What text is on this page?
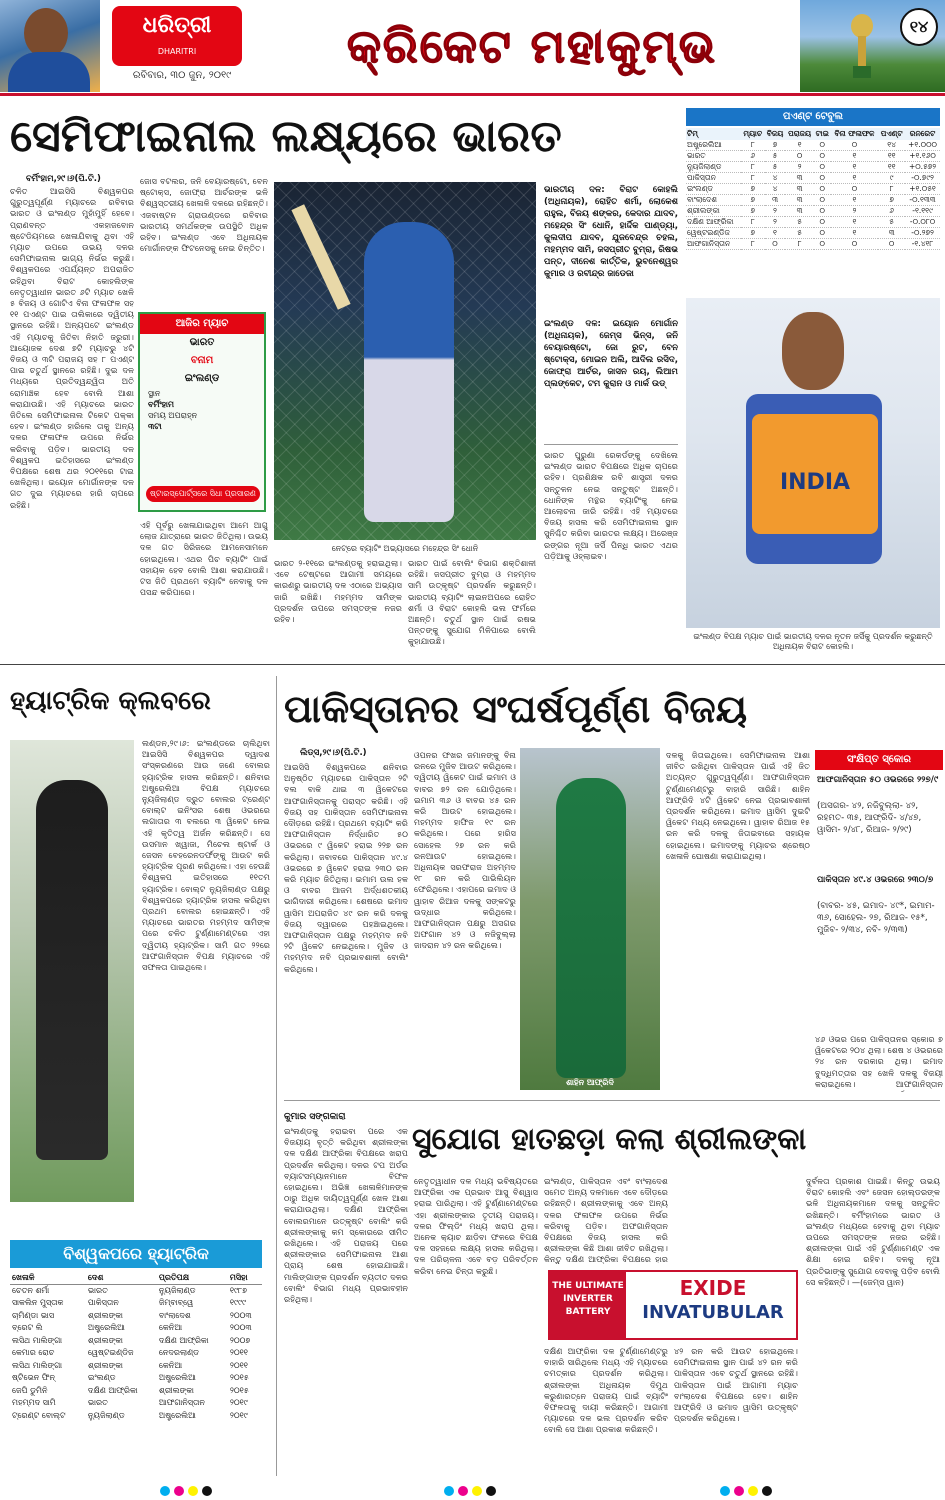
ଧରିତ୍ରୀ
DHARITRI
ରବିବାର, ୩୦ ଜୁନ, ୨୦୧୯
କ୍ରିକେଟ ମହାକୁମ୍ଭ	୧୪
ସେମିଫାଇନାଲ ଲକ୍ଷ୍ୟରେ ଭାରତ
ବର୍ମିଂହାମ,୨୯।୬(ପି.ଟି.)
ଚଳିତ ଆଇସିସି ବିଶ୍ୱକପର ଗୁରୁତ୍ୱପୂର୍ଣ୍ଣ ମ୍ୟାଚରେ ରବିବାର ଭାରତ ଓ ଇଂଲଣ୍ଡ ମୁହାଁମୁହିଁ ହେବେ। ପ୍ରାଣବନ୍ତ ଏକହାଜବୋନ ଷ୍ଟେଡିୟମରେ ଖେଳାଯିବାକୁ ଥିବା ଏହି ମ୍ୟାଚ ଉପରେ ଉଭୟ ଦଳର ସେମିଫାଇନାଲ ଭାଗ୍ୟ ନିର୍ଭର କରୁଛି। ବିଶ୍ୱକପରେ ଏପର୍ଯ୍ୟନ୍ତ ଅପରାଜିତ ରହିଥିବା ବିରାଟ କୋହଲିଙ୍କ ନେତୃତ୍ୱାଧୀନ ଭାରତ ୬ଟି ମ୍ୟାଚ ଖେଳି ୫ ବିଜୟ ଓ ଗୋଟିଏ ବିନା ଫଳାଫଳ ସହ ୧୧ ପଏଣ୍ଟ ପାଇ ତାଲିକାରେ ଦ୍ୱିତୀୟ ସ୍ଥାନରେ ରହିଛି। ଅନ୍ୟପଟେ ଇଂଲଣ୍ଡ ଏହି ମ୍ୟାଚକୁ ଜିତିବା ନିହାତି ଜରୁରୀ। ଆୟୋଜକ ଦେଶ ୭ଟି ମ୍ୟାଚରୁ ୪ଟି ବିଜୟ ଓ ୩ଟି ପରାଜୟ ସହ ୮ ପଏଣ୍ଟ ପାଇ ଚତୁର୍ଥ ସ୍ଥାନରେ ରହିଛି। ଦୁଇ ଦଳ ମଧ୍ୟରେ ପ୍ରତିଦ୍ୱନ୍ଦ୍ୱିତା ଅତି ରୋମାଞ୍ଚକ ହେବ ବୋଲି ଆଶା କରାଯାଉଛି। ଏହି ମ୍ୟାଚରେ ଭାରତ ଜିତିଲେ ସେମିଫାଇନାଲ ଟିକେଟ ପକ୍କା ହେବ। ଇଂଲଣ୍ଡ ହାରିଲେ ତାକୁ ଅନ୍ୟ ଦଳର ଫଳାଫଳ ଉପରେ ନିର୍ଭର କରିବାକୁ ପଡ଼ିବ। ଭାରତୀୟ ଦଳ ବିଶ୍ୱକପ ଇତିହାସରେ ଇଂଲଣ୍ଡ ବିପକ୍ଷରେ ଶେଷ ଥର ୨୦୧୧ରେ ଟାଇ ଖେଳିଥିଲା। ଇୟୋନ ମୋର୍ଗାନଙ୍କ ଦଳ ଗତ ଦୁଇ ମ୍ୟାଚରେ ହାରି ଚାପରେ ରହିଛି।
ଜୋସ ବଟଲର, ଜନି ବେୟାରଷ୍ଟୋ, ବେନ ଷ୍ଟୋକ୍ସ, ଜୋଫ୍ରା ଆର୍ଚରଙ୍କ ଭଳି ବିଶ୍ୱସ୍ତରୀୟ ଖେଳାଳି ଦଳରେ ରହିଛନ୍ତି। ଏଜବାଷ୍ଟନ ଗ୍ରାଉଣ୍ଡରେ ରବିବାର ଭାରତୀୟ ସମର୍ଥକଙ୍କ ଉପସ୍ଥିତି ଅଧିକ ରହିବ। ଇଂଲଣ୍ଡ ଏବେ ଅଧିନାୟକ ମୋର୍ଗାନଙ୍କ ଫିଟନେସକୁ ନେଇ ଚିନ୍ତିତ।
ଆଜିର ମ୍ୟାଚ
ଭାରତ
ବନାମ
ଇଂଲଣ୍ଡ
ସ୍ଥାନ
ବର୍ମିଂହାମ
ସମୟ ଅପରାହ୍ନ
୩ଟା
ଷ୍ଟାରସ୍ପୋର୍ଟ୍ସରେ ସିଧା ପ୍ରସାରଣ
ଏହି ପୂର୍ବରୁ ଖେଳାଯାଇଥିବା ଆମେ ଆଗୁ ଲୋଜ ଯାତ୍ରାରେ ଭାରତ ଜିତିଥିଲା। ଉଭୟ ଦଳ ଗତ ସିରିଜରେ ଆମନେସାମନେ ହୋଇଥିଲେ। ଏଥର ପିଚ ବ୍ୟାଟିଂ ପାଇଁ ସହାୟକ ହେବ ବୋଲି ଆଶା କରାଯାଉଛି। ଟସ ଜିତି ପ୍ରଥମେ ବ୍ୟାଟିଂ ନେବାକୁ ଦଳ ପସନ୍ଦ କରିପାରେ।
ନେଟ୍‌ରେ ବ୍ୟାଟିଂ ଅଭ୍ୟାସରେ ମହେନ୍ଦ୍ର ସିଂ ଧୋନି
ଭାରତ ୨-୧୧ରେ ଇଂଲଣ୍ଡକୁ ହରାଇଥିଲା। ଏବେ ଟେଷ୍ଟରେ ଆଗାମୀ ସମୟରେ କାରଣରୁ ଭାରତୀୟ ଦଳ ଏଠାରେ ଅଭ୍ୟାସ ଜାରି ରଖିଛି। ମହମ୍ମଦ ସାମିଙ୍କ ପ୍ରଦର୍ଶନ ଉପରେ ସମସ୍ତଙ୍କ ନଜର ରହିବ।
ଭାରତ ପାଇଁ ବୋଲିଂ ବିଭାଗ ଶକ୍ତିଶାଳୀ ରହିଛି। ଜସପ୍ରୀତ ବୁମ୍ରା ଓ ମହମ୍ମଦ ସାମି ଉତ୍କୃଷ୍ଟ ପ୍ରଦର୍ଶନ କରୁଛନ୍ତି। ଭାରତୀୟ ବ୍ୟାଟିଂ ଲାଇନଅପରେ ରୋହିତ ଶର୍ମା ଓ ବିରାଟ କୋହଲି ଭଲ ଫର୍ମରେ ଅଛନ୍ତି। ଚତୁର୍ଥ ସ୍ଥାନ ପାଇଁ ରଷଭ ପନ୍ତଙ୍କୁ ସୁଯୋଗ ମିଳିପାରେ ବୋଲି କୁହାଯାଉଛି।
ଭାରତୀୟ ଦଳ: ବିରାଟ କୋହଲି (ଅଧିନାୟକ), ରୋହିତ ଶର୍ମା, ଲୋକେଶ ରାହୁଲ, ବିଜୟ ଶଙ୍କର, କେଦାର ଯାଦବ, ମହେନ୍ଦ୍ର ସିଂ ଧୋନି, ହାର୍ଦ୍ଦିକ ପାଣ୍ଡ୍ୟା, କୁଲଦୀପ ଯାଦବ, ଯୁଜବେନ୍ଦ୍ର ଚହଲ, ମହମ୍ମଦ ସାମି, ଜସପ୍ରୀତ ବୁମ୍ରା, ରିଷଭ ପନ୍ତ, ଦୀନେଶ କାର୍ତ୍ତିକ, ଭୁବନେଶ୍ୱର କୁମାର ଓ ରବୀନ୍ଦ୍ର ଜାଡେଜା
ଇଂଲଣ୍ଡ ଦଳ: ଇୟୋନ ମୋର୍ଗାନ (ଅଧିନାୟକ), ଜେମ୍ସ ଭିନ୍ସ, ଜନି ବେୟାରଷ୍ଟୋ, ଜୋ ରୁଟ, ବେନ ଷ୍ଟୋକ୍ସ, ମୋଇନ ଅଲି, ଆଦିଲ ରସିଦ, ଜୋଫ୍ରା ଆର୍ଚର, ଜାସନ ରୟ, ଲିଆମ ପ୍ଲଙ୍କେଟ, ଟମ କୁରାନ ଓ ମାର୍କ ଉଡ୍
ଭାରତ ପୁରୁଣା ରେକର୍ଡଙ୍କୁ ଦେଖିଲେ ଇଂଲଣ୍ଡ ଭାରତ ବିପକ୍ଷରେ ଅଧିକ ଚାପରେ ରହିବ। ପ୍ରଶିକ୍ଷକ ରବି ଶାସ୍ତ୍ରୀ ଦଳର ସନ୍ତୁଳନ ନେଇ ସନ୍ତୁଷ୍ଟ ଅଛନ୍ତି। ଧୋନିଙ୍କ ମନ୍ଥର ବ୍ୟାଟିଂକୁ ନେଇ ଆଲୋଚନା ଜାରି ରହିଛି। ଏହି ମ୍ୟାଚରେ ବିଜୟ ହାସଲ କରି ସେମିଫାଇନାଲ ସ୍ଥାନ ସୁନିଶ୍ଚିତ କରିବା ଭାରତର ଲକ୍ଷ୍ୟ। ଅରେଞ୍ଜ ରଙ୍ଗର ନୂଆ ଜର୍ସି ପିନ୍ଧି ଭାରତ ଏଥର ପଡ଼ିଆକୁ ଓହ୍ଲାଇବ।
ପଏଣ୍ଟ ଟେବୁଲ
ଟିମ୍	ମ୍ୟାଚ	ବିଜୟ	ପରାଜୟ	ଟାଇ	ବିନା ଫଳାଫଳ	ପଏଣ୍ଟ	ରନରେଟ
ଅଷ୍ଟ୍ରେଲିଆ	୮	୭	୧	୦	୦	୧୪	+୧.୦୦୦
ଭାରତ	୬	୫	୦	୦	୧	୧୧	+୧.୧୬୦
ନ୍ୟୁଜିଲାଣ୍ଡ	୮	୫	୨	୦	୧	୧୧	+୦.୫୭୨
ପାକିସ୍ତାନ	୮	୪	୩	୦	୧	୯	-୦.୭୯୨
ଇଂଲଣ୍ଡ	୭	୪	୩	୦	୦	୮	+୧.୦୫୧
ବାଂଲାଦେଶ	୭	୩	୩	୦	୧	୭	-୦.୧୩୩
ଶ୍ରୀଲଙ୍କା	୭	୨	୩	୦	୨	୬	-୧.୧୧୯
ଦକ୍ଷିଣ ଆଫ୍ରିକା	୮	୨	୫	୦	୧	୫	-୦.୦୮୦
ୱେଷ୍ଟଇଣ୍ଡିଜ	୭	୧	୫	୦	୧	୩	-୦.୨୭୨
ଆଫଗାନିସ୍ତାନ	୮	୦	୮	୦	୦	୦	-୧.୪୧୮
INDIA
ଇଂଲଣ୍ଡ ବିପକ୍ଷ ମ୍ୟାଚ ପାଇଁ ଭାରତୀୟ ଦଳର ନୂତନ ଜର୍ସିକୁ ପ୍ରଦର୍ଶନ କରୁଛନ୍ତି ଅଧିନାୟକ ବିରାଟ କୋହଲି।
ହ୍ୟାଟ୍ରିକ କ୍ଲବରେ
ଲଣ୍ଡନ,୨୯।୬: ଇଂଲଣ୍ଡରେ ଚାଲିଥିବା ଆଇସିସି ବିଶ୍ୱକପର ଦ୍ୱାଦଶ ସଂସ୍କରଣରେ ଆଉ ଜଣେ ବୋଲର ହ୍ୟାଟ୍ରିକ ହାସଲ କରିଛନ୍ତି। ଶନିବାର ଅଷ୍ଟ୍ରେଲିଆ ବିପକ୍ଷ ମ୍ୟାଚରେ ନ୍ୟୁଜିଲାଣ୍ଡ ଦ୍ରୁତ ବୋଲର ଟ୍ରେଣ୍ଟ ବୋଲ୍ଟ ଇନିଂସର ଶେଷ ଓଭରରେ ଲଗାତାର ୩ ବଲରେ ୩ ୱିକେଟ ନେଇ ଏହି କୃତିତ୍ୱ ଅର୍ଜନ କରିଛନ୍ତି। ସେ ଉସମାନ ଖ୍ୱାଜା, ମିଚେଲ ଷ୍ଟାର୍କ ଓ ଜେସନ ବେହରେନଡର୍ଫଙ୍କୁ ଆଉଟ କରି ହ୍ୟାଟ୍ରିକ ପୂରଣ କରିଥିଲେ। ଏହା ହେଉଛି ବିଶ୍ୱକପ ଇତିହାସରେ ୧୧ତମ ହ୍ୟାଟ୍ରିକ। ବୋଲ୍ଟ ନ୍ୟୁଜିଲାଣ୍ଡ ପକ୍ଷରୁ ବିଶ୍ୱକପରେ ହ୍ୟାଟ୍ରିକ ହାସଲ କରିଥିବା ପ୍ରଥମ ବୋଲର ହୋଇଛନ୍ତି। ଏହି ମ୍ୟାଚରେ ଭାରତର ମହମ୍ମଦ ସାମିଙ୍କ ପରେ ଚଳିତ ଟୁର୍ଣ୍ଣାମେଣ୍ଟରେ ଏହା ଦ୍ୱିତୀୟ ହ୍ୟାଟ୍ରିକ। ସାମି ଗତ ୨୨ରେ ଆଫଗାନିସ୍ତାନ ବିପକ୍ଷ ମ୍ୟାଚରେ ଏହି ସଫଳତା ପାଇଥିଲେ।
ବିଶ୍ୱକପରେ ହ୍ୟାଟ୍ରିକ
ଖେଳାଳି	ଦେଶ	ପ୍ରତିପକ୍ଷ	ମସିହା
ଚେତନ ଶର୍ମା	ଭାରତ	ନ୍ୟୁଜିଲାଣ୍ଡ	୧୯୮୭
ସାକଲିନ ମୁସ୍ତାକ	ପାକିସ୍ତାନ	ଜିମ୍ବାବ୍ୱେ	୧୯୯୯
ଚାମିଣ୍ଡା ଭାସ	ଶ୍ରୀଲଙ୍କା	ବାଂଲାଦେଶ	୨୦୦୩
ବ୍ରେଟ ଲି	ଅଷ୍ଟ୍ରେଲିଆ	କେନିଆ	୨୦୦୩
ଲସିଥ ମାଲିଙ୍ଗା	ଶ୍ରୀଲଙ୍କା	ଦକ୍ଷିଣ ଆଫ୍ରିକା	୨୦୦୭
କେମାର ରୋଚ	ୱେଷ୍ଟଇଣ୍ଡିଜ	ନେଦରଲାଣ୍ଡ	୨୦୧୧
ଲସିଥ ମାଲିଙ୍ଗା	ଶ୍ରୀଲଙ୍କା	କେନିଆ	୨୦୧୧
ଷ୍ଟିଭେନ ଫିନ୍	ଇଂଲଣ୍ଡ	ଅଷ୍ଟ୍ରେଲିଆ	୨୦୧୫
ଜେପି ଡୁମିନି	ଦକ୍ଷିଣ ଆଫ୍ରିକା	ଶ୍ରୀଲଙ୍କା	୨୦୧୫
ମହମ୍ମଦ ସାମି	ଭାରତ	ଆଫଗାନିସ୍ତାନ	୨୦୧୯
ଟ୍ରେଣ୍ଟ ବୋଲ୍ଟ	ନ୍ୟୁଜିଲାଣ୍ଡ	ଅଷ୍ଟ୍ରେଲିଆ	୨୦୧୯
ପାକିସ୍ତାନର ସଂଘର୍ଷପୂର୍ଣ୍ଣ ବିଜୟ
ଲିଡ୍ସ,୨୯।୬(ପି.ଟି.)
ଆଇସିସି ବିଶ୍ୱକପରେ ଶନିବାର ଅନୁଷ୍ଠିତ ମ୍ୟାଚରେ ପାକିସ୍ତାନ ୨ଟି ବଲ ବାକି ଥାଇ ୩ ୱିକେଟରେ ଆଫଗାନିସ୍ତାନକୁ ପରାସ୍ତ କରିଛି। ଏହି ବିଜୟ ସହ ପାକିସ୍ତାନ ସେମିଫାଇନାଲ ଦୌଡ଼ରେ ରହିଛି। ପ୍ରଥମେ ବ୍ୟାଟିଂ କରି ଆଫଗାନିସ୍ତାନ ନିର୍ଦ୍ଧାରିତ ୫୦ ଓଭରରେ ୯ ୱିକେଟ ହରାଇ ୨୨୭ ରନ କରିଥିଲା। ଜବାବରେ ପାକିସ୍ତାନ ୪୯.୪ ଓଭରରେ ୭ ୱିକେଟ ହରାଇ ୨୩୦ ରନ କରି ମ୍ୟାଚ ଜିତିଥିଲା। ଇମାମ ଉଲ ହକ ଓ ବାବର ଆଜମ ଅର୍ଦ୍ଧଶତକୀୟ ଭାଗିଦାରୀ କରିଥିଲେ। ଶେଷରେ ଇମାଦ ୱାସିମ ଅପରାଜିତ ୪୯ ରନ କରି ଦଳକୁ ବିଜୟ ଦ୍ୱାରରେ ପହଞ୍ଚାଇଥିଲେ। ଆଫଗାନିସ୍ତାନ ପକ୍ଷରୁ ମହମ୍ମଦ ନବି ୨ଟି ୱିକେଟ ନେଇଥିଲେ। ମୁଜିବ ଓ ମହମ୍ମଦ ନବି ପ୍ରଭାବଶାଳୀ ବୋଲିଂ କରିଥିଲେ।
ଓପନର ଫଖର ଜମାନଙ୍କୁ ବିନା ରନରେ ମୁଜିବ ଆଉଟ କରିଥିଲେ। ଦ୍ୱିତୀୟ ୱିକେଟ ପାଇଁ ଇମାମ ଓ ବାବର ୭୨ ରନ ଯୋଡ଼ିଥିଲେ। ଇମାମ ୩୬ ଓ ବାବର ୪୫ ରନ କରି ଆଉଟ ହୋଇଥିଲେ। ମହମ୍ମଦ ହାଫିଜ ୧୯ ରନ କରିଥିଲେ। ପରେ ହାରିସ ସୋହେଲ ୨୭ ରନ କରି ରନଆଉଟ ହୋଇଥିଲେ। ଅଧିନାୟକ ସରଫରାଜ ଅହମ୍ମଦ ୧୮ ରନ କରି ପାଭିଲିୟନ ଫେରିଥିଲେ। ଏହାପରେ ଇମାଦ ଓ ୱାହାବ ରିଆଜ ଦଳକୁ ସଙ୍କଟରୁ ଉଦ୍ଧାର କରିଥିଲେ। ଆଫଗାନିସ୍ତାନ ପକ୍ଷରୁ ଅସଗର ଅଫଗାନ ୪୨ ଓ ନଜିବୁଲ୍ଲା ଜାଦରାନ ୪୨ ରନ କରିଥିଲେ।
ଶାହିନ ଆଫ୍ରିଦି
ଦଳକୁ ଜିତାଇଥିଲେ। ସେମିଫାଇନାଲ ଆଶା ଜୀବିତ ରଖିଥିବା ପାକିସ୍ତାନ ପାଇଁ ଏହି ଜିତ ଅତ୍ୟନ୍ତ ଗୁରୁତ୍ୱପୂର୍ଣ୍ଣ। ଆଫଗାନିସ୍ତାନ ଟୁର୍ଣ୍ଣାମେଣ୍ଟରୁ ବାହାରି ସାରିଛି। ଶାହିନ ଆଫ୍ରିଦି ୪ଟି ୱିକେଟ ନେଇ ପ୍ରଭାବଶାଳୀ ପ୍ରଦର୍ଶନ କରିଥିଲେ। ଇମାଦ ୱାସିମ ଦୁଇଟି ୱିକେଟ ମଧ୍ୟ ନେଇଥିଲେ। ୱାହାବ ରିଆଜ ୧୫ ରନ କରି ଦଳକୁ ଜିତାଇବାରେ ସହାୟକ ହୋଇଥିଲେ। ଇମାଦଙ୍କୁ ମ୍ୟାଚର ଶ୍ରେଷ୍ଠ ଖେଳାଳି ଘୋଷଣା କରାଯାଇଥିଲା।
ସଂକ୍ଷିପ୍ତ ସ୍କୋର
ଆଫଗାନିସ୍ତାନ ୫୦ ଓଭରରେ ୨୨୭/୯
(ଅସଗର- ୪୨, ନଜିବୁଲ୍ଲା- ୪୨, ରହମତ- ୩୫, ଆଫ୍ରିଦି- ୪/୪୭, ୱାସିମ- ୨/୪୮, ରିଆଜ- ୨/୨୯)
ପାକିସ୍ତାନ ୪୯.୪ ଓଭରରେ ୨୩୦/୭
(ବାବର- ୪୫, ଇମାଦ- ୪୯*, ଇମାମ- ୩୬, ସୋହେଲ- ୨୭, ରିଆଜ- ୧୫*, ମୁଜିବ- ୨/୩୪, ନବି- ୨/୩୩)
୪୬ ଓଭର ପରେ ପାକିସ୍ତାନର ସ୍କୋର ୭ ୱିକେଟରେ ୨୦୪ ଥିଲା। ଶେଷ ୪ ଓଭରରେ ୨୪ ରନ ଦରକାର ଥିଲା। ଇମାଦ ବୁଦ୍ଧିମତ୍ତାର ସହ ଖେଳି ଦଳକୁ ବିଜୟୀ କରାଇଥିଲେ। ଆଫଗାନିସ୍ତାନ
କୁମାର ସଙ୍ଗକାରା
ସୁଯୋଗ ହାତଛଡ଼ା କଲା ଶ୍ରୀଲଙ୍କା
ଇଂଲଣ୍ଡକୁ ହରାଇବା ପରେ ଏକ ବିଜୟୀୟ ବୃତ୍ତି କରିଥିବା ଶ୍ରୀଲଙ୍କା ଦଳ ଦକ୍ଷିଣ ଆଫ୍ରିକା ବିପକ୍ଷରେ ଖରାପ ପ୍ରଦର୍ଶନ କରିଥିଲା। ଦଳର ଟପ ଅର୍ଡର ବ୍ୟାଟସମ୍ୟାନମାନେ ବିଫଳ ହୋଇଥିଲେ। ଅଭିଜ୍ଞ ଖେଳାଳିମାନଙ୍କ ଠାରୁ ଅଧିକ ଦାୟିତ୍ୱପୂର୍ଣ୍ଣ ଖେଳ ଆଶା କରାଯାଉଥିଲା। ଦକ୍ଷିଣ ଆଫ୍ରିକା ବୋଲରମାନେ ଉତ୍କୃଷ୍ଟ ବୋଲିଂ କରି ଶ୍ରୀଲଙ୍କାକୁ କମ ସ୍କୋରରେ ସୀମିତ ରଖିଥିଲେ। ଏହି ପରାଜୟ ପରେ ଶ୍ରୀଲଙ୍କାର ସେମିଫାଇନାଲ ଆଶା ପ୍ରାୟ ଶେଷ ହୋଇଯାଇଛି। ମାଲିଙ୍ଗାଙ୍କ ପ୍ରଦର୍ଶନ ବ୍ୟତୀତ ଦଳର ବୋଲିଂ ବିଭାଗ ମଧ୍ୟ ପ୍ରଭାବହୀନ ରହିଥିଲା।
ନେତୃତ୍ୱାଧୀନ ଦଳ ମଧ୍ୟ ଭବିଷ୍ୟତରେ ଆଫ୍ରିକା ଏକ ପ୍ରଭାବ ଆସୁ ବିଶ୍ୱାସ ହରାଇ ପାରିଥିଲା। ଏହି ଟୁର୍ଣ୍ଣାମେଣ୍ଟରେ ଏହା ଶ୍ରୀଲଙ୍କାର ତୃତୀୟ ପରାଜୟ। ଦଳର ଫିଲ୍ଡିଂ ମଧ୍ୟ ଖରାପ ଥିଲା। ଅନେକ କ୍ୟାଚ ଛାଡ଼ିବା ଫଳରେ ବିପକ୍ଷ ଦଳ ସହଜରେ ଲକ୍ଷ୍ୟ ହାସଲ କରିଥିଲା। ଦଳ ପରିଚାଳନା ଏବେ ବଡ଼ ପରିବର୍ତ୍ତନ କରିବା ନେଇ ଚିନ୍ତା କରୁଛି।
ଇଂଲଣ୍ଡ, ପାକିସ୍ତାନ ଏବଂ ବାଂଲାଦେଶ ସମେତ ଅନ୍ୟ ଦଳମାନେ ଏବେ ଦୌଡ଼ରେ ରହିଛନ୍ତି। ଶ୍ରୀଲଙ୍କାକୁ ଏବେ ଅନ୍ୟ ଦଳର ଫଳାଫଳ ଉପରେ ନିର୍ଭର କରିବାକୁ ପଡ଼ିବ। ଅଫଗାନିସ୍ତାନ ବିପକ୍ଷରେ ବିଜୟ ହାସଲ କରି ଶ୍ରୀଲଙ୍କା କିଛି ଆଶା ଜୀବିତ ରଖିଥିଲା। କିନ୍ତୁ ଦକ୍ଷିଣ ଆଫ୍ରିକା ବିପକ୍ଷରେ ହାର
ଦକ୍ଷିଣ ଆଫ୍ରିକା ଦଳ ଟୁର୍ଣ୍ଣାମେଣ୍ଟରୁ ବାହାରି ସାରିଥିଲେ ମଧ୍ୟ ଏହି ମ୍ୟାଚରେ ଚମତ୍କାର ପ୍ରଦର୍ଶନ କରିଥିଲା। ଶ୍ରୀଲଙ୍କା ଅଧିନାୟକ ଦିମୁଥ କରୁଣାରତ୍ନେ ପରାଜୟ ପାଇଁ ବ୍ୟାଟିଂ ବିଫଳତାକୁ ଦାୟୀ କରିଛନ୍ତି। ଆଗାମୀ ମ୍ୟାଚରେ ଦଳ ଭଲ ପ୍ରଦର୍ଶନ କରିବ ବୋଲି ସେ ଆଶା ପ୍ରକାଶ କରିଛନ୍ତି।
୪୨ ରନ କରି ଆଉଟ ହୋଇଥିଲେ। ସେମିଫାଇନାଲ ସ୍ଥାନ ପାଇଁ ୪୨ ରନ କରି ପାକିସ୍ତାନ ଏବେ ଚତୁର୍ଥ ସ୍ଥାନରେ ରହିଛି। ପାକିସ୍ତାନ ପାଇଁ ଆଗାମୀ ମ୍ୟାଚ ବାଂଲାଦେଶ ବିପକ୍ଷରେ ହେବ। ଶାହିନ ଆଫ୍ରିଦି ଓ ଇମାଦ ୱାସିମ ଉତ୍କୃଷ୍ଟ ପ୍ରଦର୍ଶନ କରିଥିଲେ।
ଦୁର୍ବଳତା ପ୍ରକାଶ ପାଇଛି। କିନ୍ତୁ ଉଭୟ ବିରାଟ କୋହଲି ଏବଂ ଜେସନ ହୋଲ୍ଡରଙ୍କ ଭଳି ଅଧିନାୟକମାନେ ଦଳକୁ ସନ୍ତୁଳିତ ରଖିଛନ୍ତି। ବର୍ମିଂହାମରେ ଭାରତ ଓ ଇଂଲଣ୍ଡ ମଧ୍ୟରେ ହେବାକୁ ଥିବା ମ୍ୟାଚ ଉପରେ ସମସ୍ତଙ୍କ ନଜର ରହିଛି। ଶ୍ରୀଲଙ୍କା ପାଇଁ ଏହି ଟୁର୍ଣ୍ଣାମେଣ୍ଟ ଏକ ଶିକ୍ଷା ହୋଇ ରହିବ। ଦଳକୁ ନୂଆ ପ୍ରତିଭାଙ୍କୁ ସୁଯୋଗ ଦେବାକୁ ପଡ଼ିବ ବୋଲି ସେ କହିଛନ୍ତି। —(ଜେମ୍ସ ୱାନ)
THE ULTIMATE INVERTER BATTERY
EXIDE
INVATUBULAR
